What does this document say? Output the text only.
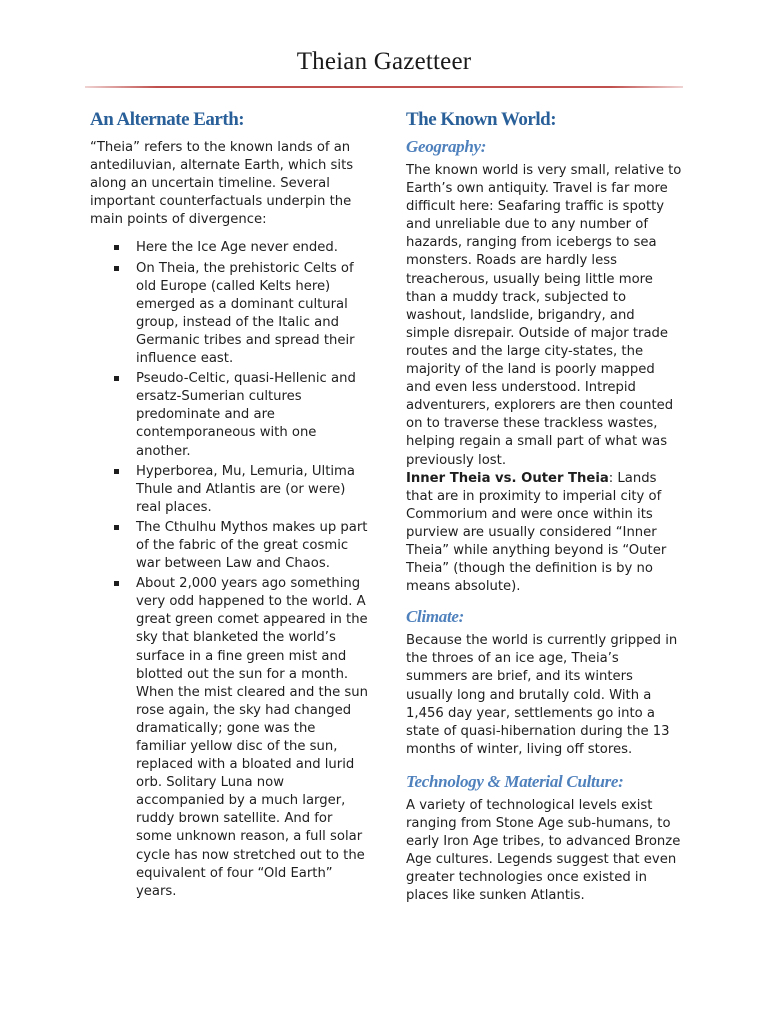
Theian Gazetteer
An Alternate Earth:

“Theia” refers to the known lands of an antediluvian, alternate Earth, which sits along an uncertain timeline. Several important counterfactuals underpin the main points of divergence:

Here the Ice Age never ended.
On Theia, the prehistoric Celts of old Europe (called Kelts here) emerged as a dominant cultural group, instead of the Italic and Germanic tribes and spread their influence east.
Pseudo-Celtic, quasi-Hellenic and ersatz-Sumerian cultures predominate and are contemporaneous with one another.
Hyperborea, Mu, Lemuria, Ultima Thule and Atlantis are (or were) real places.
The Cthulhu Mythos makes up part of the fabric of the great cosmic war between Law and Chaos.
About 2,000 years ago something very odd happened to the world. A great green comet appeared in the sky that blanketed the world’s surface in a fine green mist and blotted out the sun for a month. When the mist cleared and the sun rose again, the sky had changed dramatically; gone was the familiar yellow disc of the sun, replaced with a bloated and lurid orb. Solitary Luna now accompanied by a much larger, ruddy brown satellite. And for some unknown reason, a full solar cycle has now stretched out to the equivalent of four “Old Earth” years.
The Known World:
Geography:

The known world is very small, relative to Earth’s own antiquity. Travel is far more difficult here: Seafaring traffic is spotty and unreliable due to any number of hazards, ranging from icebergs to sea monsters. Roads are hardly less treacherous, usually being little more than a muddy track, subjected to washout, landslide, brigandry, and simple disrepair. Outside of major trade routes and the large city-states, the majority of the land is poorly mapped and even less understood. Intrepid adventurers, explorers are then counted on to traverse these trackless wastes, helping regain a small part of what was previously lost.

Inner Theia vs. Outer Theia: Lands that are in proximity to imperial city of Commorium and were once within its purview are usually considered “Inner Theia” while anything beyond is “Outer Theia” (though the definition is by no means absolute).

Climate:

Because the world is currently gripped in the throes of an ice age, Theia’s summers are brief, and its winters usually long and brutally cold. With a 1,456 day year, settlements go into a state of quasi-hibernation during the 13 months of winter, living off stores.

Technology & Material Culture:

A variety of technological levels exist ranging from Stone Age sub-humans, to early Iron Age tribes, to advanced Bronze Age cultures. Legends suggest that even greater technologies once existed in places like sunken Atlantis.
